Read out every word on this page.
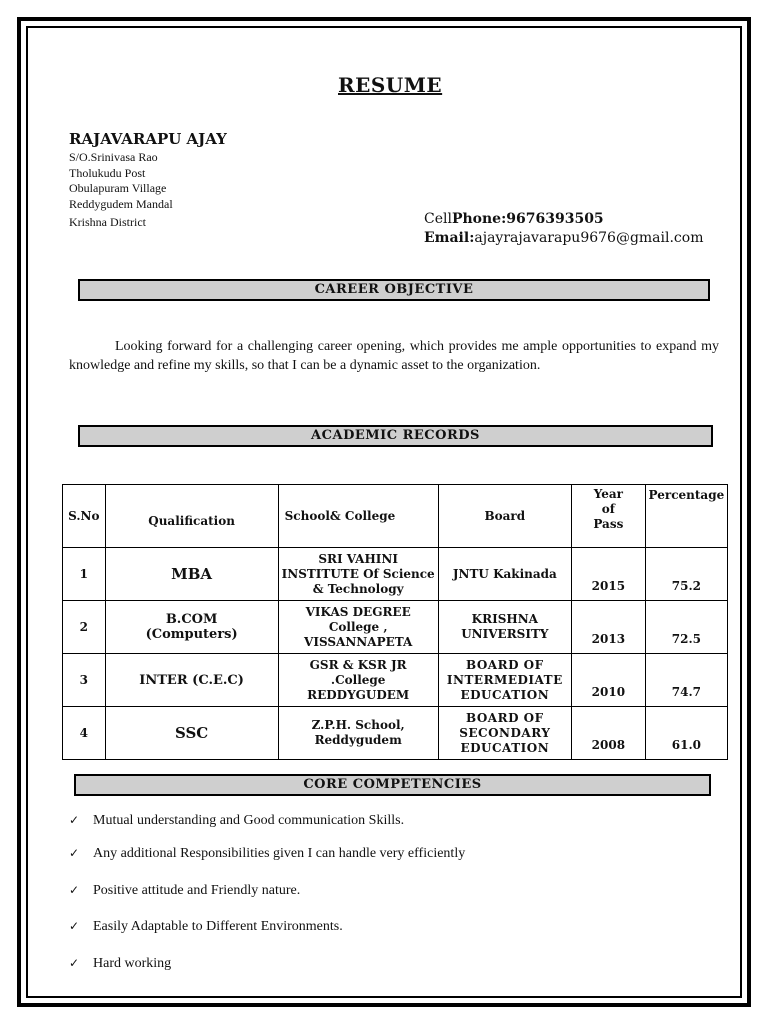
RESUME
RAJAVARAPU AJAY
S/O.Srinivasa Rao
Tholukudu Post
Obulapuram Village
Reddygudem Mandal
Krishna District	CellPhone:9676393505
Email:ajayrajavarapu9676@gmail.com
CAREER OBJECTIVE
Looking forward for a challenging career opening, which provides me ample opportunities to expand my knowledge and refine my skills, so that I can be a dynamic asset to the organization.
ACADEMIC RECORDS
S.No	Qualification	School& College	Board	Year of Pass	Percentage
1	MBA	SRI VAHINI INSTITUTE Of Science & Technology	JNTU Kakinada	2015	75.2
2	B.COM (Computers)	VIKAS DEGREE College , VISSANNAPETA	KRISHNA UNIVERSITY	2013	72.5
3	INTER (C.E.C)	GSR & KSR JR .College REDDYGUDEM	BOARD OF INTERMEDIATE EDUCATION	2010	74.7
4	SSC	Z.P.H. School, Reddygudem	BOARD OF SECONDARY EDUCATION	2008	61.0
CORE COMPETENCIES
✓ Mutual understanding and Good communication Skills.
✓ Any additional Responsibilities given I can handle very efficiently
✓ Positive attitude and Friendly nature.
✓ Easily Adaptable to Different Environments.
✓ Hard working
